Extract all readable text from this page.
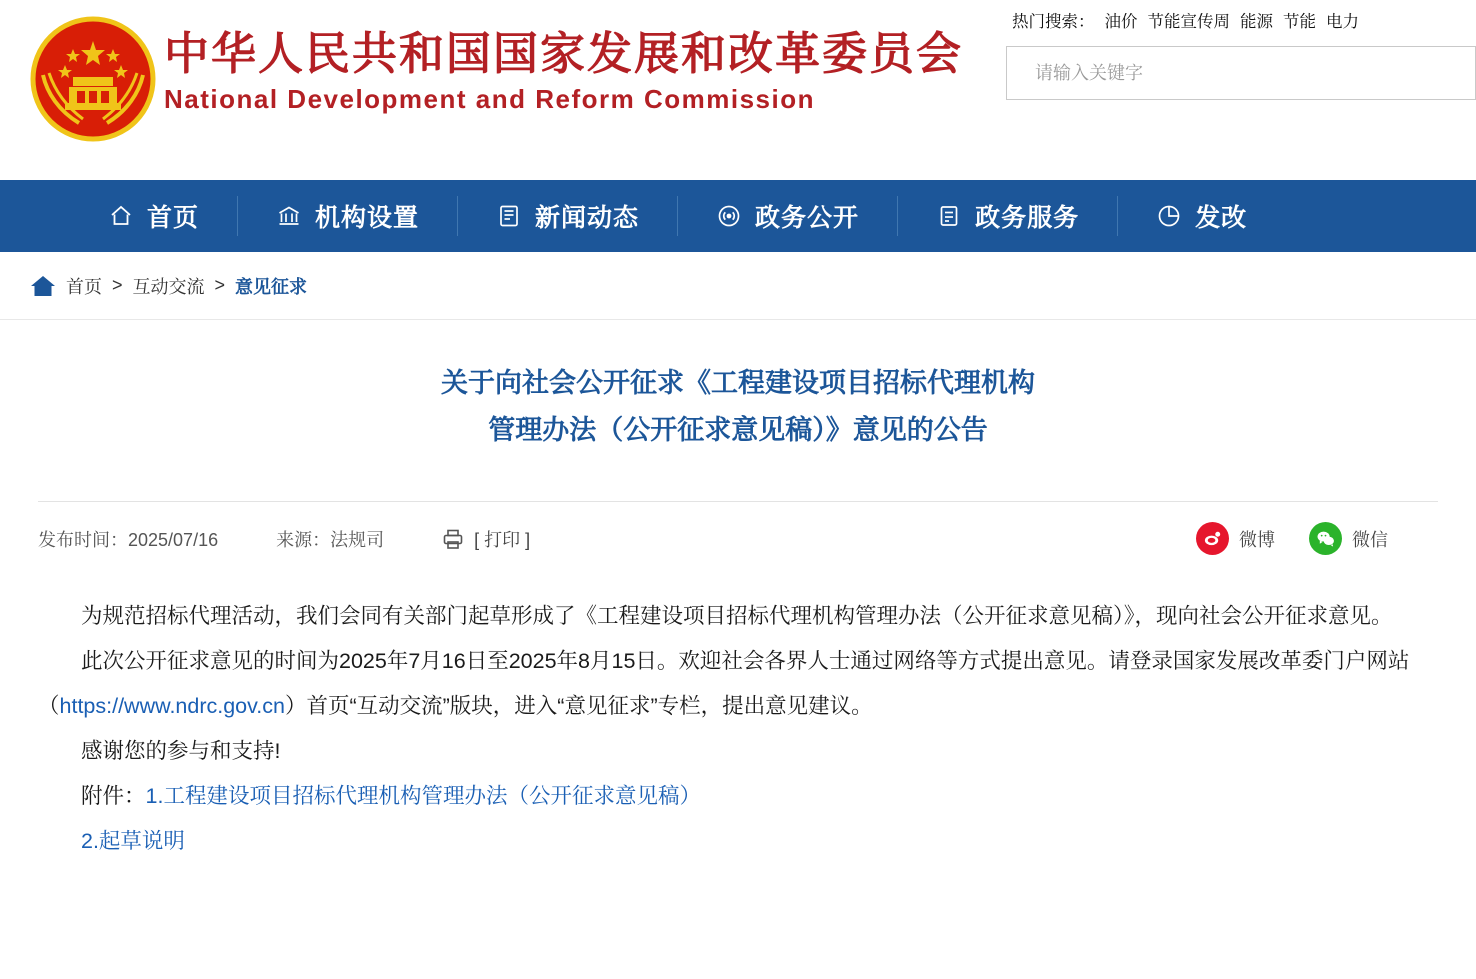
中华人民共和国国家发展和改革委员会
National Development and Reform Commission
热门搜索： 油价 节能宣传周 能源 节能 电力
请输入关键字
首页	机构设置	新闻动态	政务公开	政务服务	发改
首页 > 互动交流 > 意见征求
关于向社会公开征求《工程建设项目招标代理机构
管理办法（公开征求意见稿）》意见的公告
发布时间：2025/07/16	来源：法规司	[ 打印 ]	微博	微信

为规范招标代理活动，我们会同有关部门起草形成了《工程建设项目招标代理机构管理办法（公开征求意见稿）》，现向社会公开征求意见。

此次公开征求意见的时间为2025年7月16日至2025年8月15日。欢迎社会各界人士通过网络等方式提出意见。请登录国家发展改革委门户网站（https://www.ndrc.gov.cn）首页“互动交流”版块，进入“意见征求”专栏，提出意见建议。

感谢您的参与和支持!

附件：1.工程建设项目招标代理机构管理办法（公开征求意见稿）

2.起草说明
